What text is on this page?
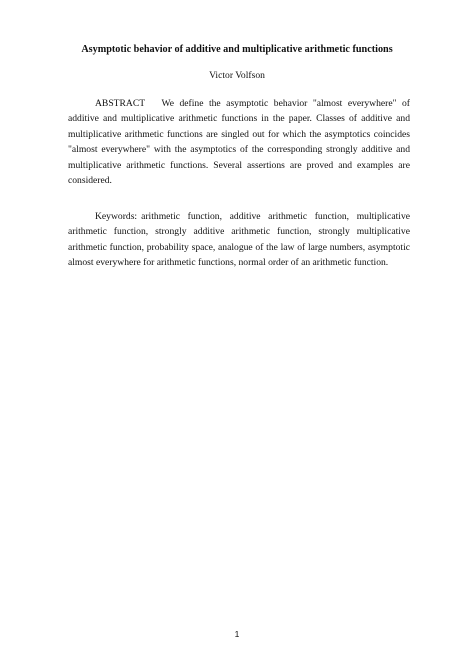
Asymptotic behavior of additive and multiplicative arithmetic functions
Victor Volfson

ABSTRACT We define the asymptotic behavior "almost everywhere" of additive and multiplicative arithmetic functions in the paper. Classes of additive and multiplicative arithmetic functions are singled out for which the asymptotics coincides "almost everywhere" with the asymptotics of the corresponding strongly additive and multiplicative arithmetic functions. Several assertions are proved and examples are considered.

Keywords: arithmetic function, additive arithmetic function, multiplicative arithmetic function, strongly additive arithmetic function, strongly multiplicative arithmetic function, probability space, analogue of the law of large numbers, asymptotic almost everywhere for arithmetic functions, normal order of an arithmetic function.

1
